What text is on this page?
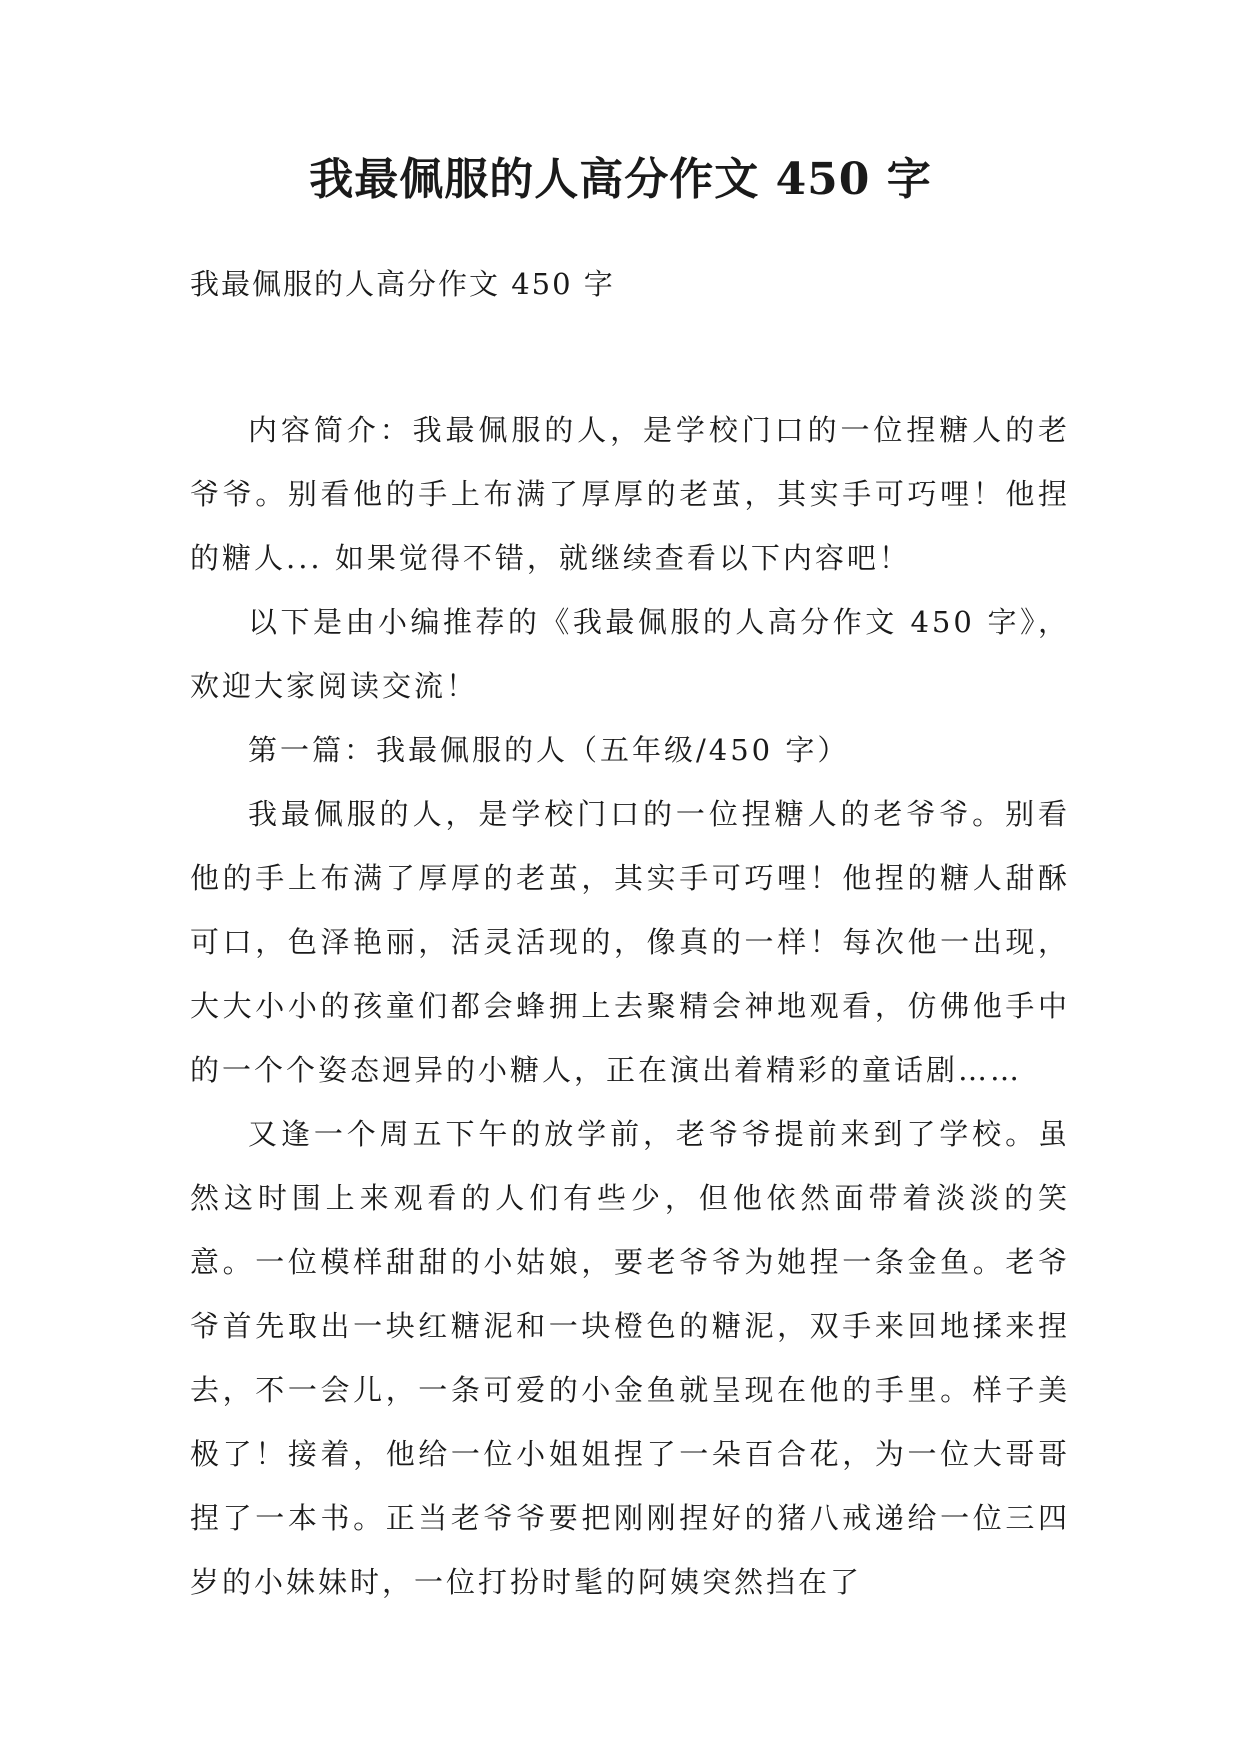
我最佩服的人高分作文 450 字
我最佩服的人高分作文 450 字

内容简介：我最佩服的人，是学校门口的一位捏糖人的老爷爷。别看他的手上布满了厚厚的老茧，其实手可巧哩！他捏的糖人... 如果觉得不错，就继续查看以下内容吧！

以下是由小编推荐的《我最佩服的人高分作文 450 字》，欢迎大家阅读交流！

第一篇：我最佩服的人（五年级/450 字）

我最佩服的人，是学校门口的一位捏糖人的老爷爷。别看他的手上布满了厚厚的老茧，其实手可巧哩！他捏的糖人甜酥可口，色泽艳丽，活灵活现的，像真的一样！每次他一出现，大大小小的孩童们都会蜂拥上去聚精会神地观看，仿佛他手中的一个个姿态迥异的小糖人，正在演出着精彩的童话剧……

又逢一个周五下午的放学前，老爷爷提前来到了学校。虽然这时围上来观看的人们有些少，但他依然面带着淡淡的笑意。一位模样甜甜的小姑娘，要老爷爷为她捏一条金鱼。老爷爷首先取出一块红糖泥和一块橙色的糖泥，双手来回地揉来捏去，不一会儿，一条可爱的小金鱼就呈现在他的手里。样子美极了！接着，他给一位小姐姐捏了一朵百合花，为一位大哥哥捏了一本书。正当老爷爷要把刚刚捏好的猪八戒递给一位三四岁的小妹妹时，一位打扮时髦的阿姨突然挡在了
